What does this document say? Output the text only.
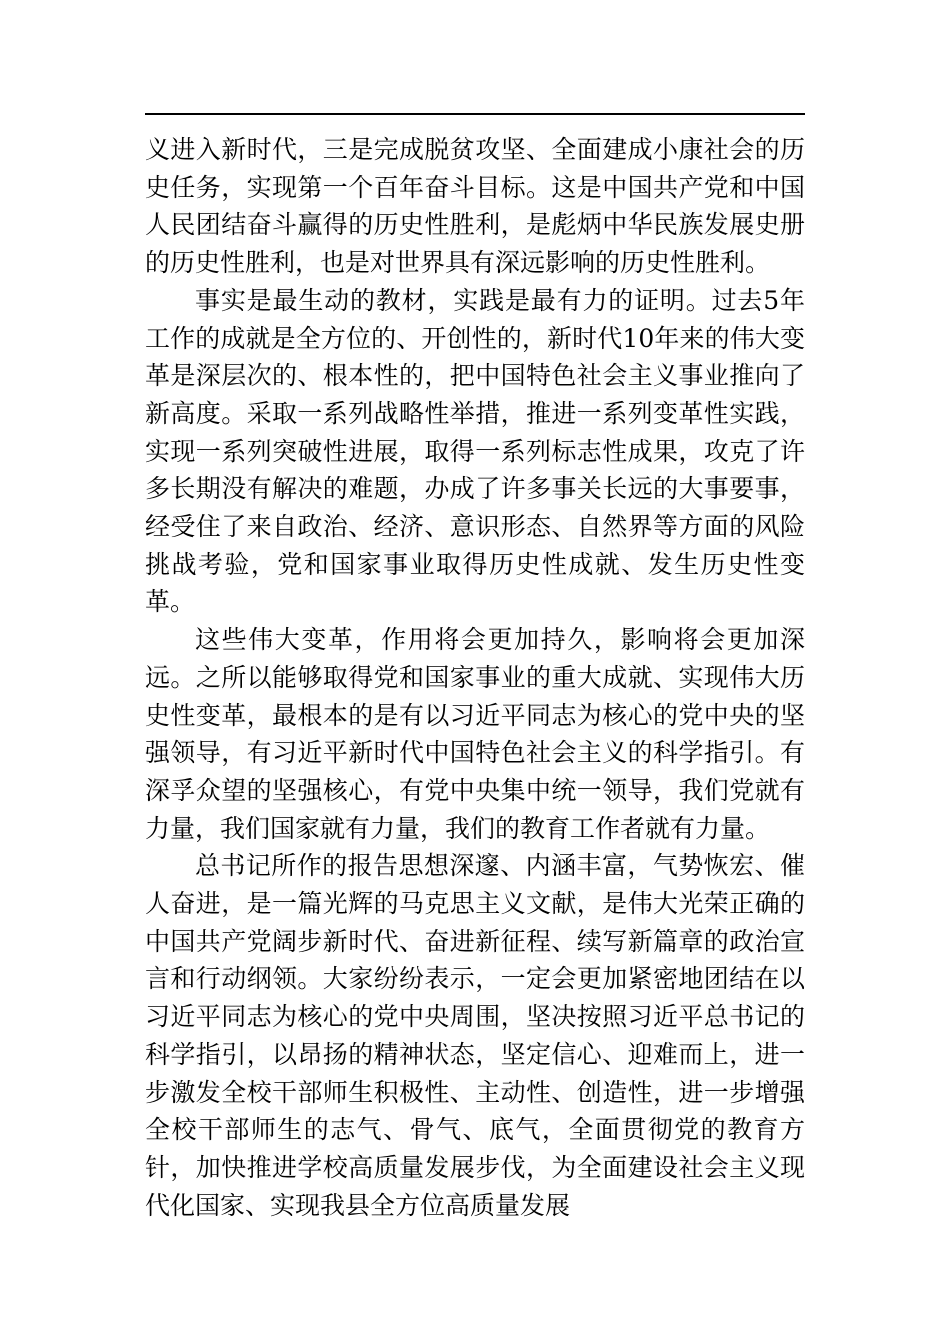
义进入新时代，三是完成脱贫攻坚、全面建成小康社会的历史任务，实现第一个百年奋斗目标。这是中国共产党和中国人民团结奋斗赢得的历史性胜利，是彪炳中华民族发展史册的历史性胜利，也是对世界具有深远影响的历史性胜利。

事实是最生动的教材，实践是最有力的证明。过去5年工作的成就是全方位的、开创性的，新时代10年来的伟大变革是深层次的、根本性的，把中国特色社会主义事业推向了新高度。采取一系列战略性举措，推进一系列变革性实践，实现一系列突破性进展，取得一系列标志性成果，攻克了许多长期没有解决的难题，办成了许多事关长远的大事要事，经受住了来自政治、经济、意识形态、自然界等方面的风险挑战考验，党和国家事业取得历史性成就、发生历史性变革。

这些伟大变革，作用将会更加持久，影响将会更加深远。之所以能够取得党和国家事业的重大成就、实现伟大历史性变革，最根本的是有以习近平同志为核心的党中央的坚强领导，有习近平新时代中国特色社会主义的科学指引。有深孚众望的坚强核心，有党中央集中统一领导，我们党就有力量，我们国家就有力量，我们的教育工作者就有力量。

总书记所作的报告思想深邃、内涵丰富，气势恢宏、催人奋进，是一篇光辉的马克思主义文献，是伟大光荣正确的中国共产党阔步新时代、奋进新征程、续写新篇章的政治宣言和行动纲领。大家纷纷表示，一定会更加紧密地团结在以习近平同志为核心的党中央周围，坚决按照习近平总书记的科学指引，以昂扬的精神状态，坚定信心、迎难而上，进一步激发全校干部师生积极性、主动性、创造性，进一步增强全校干部师生的志气、骨气、底气，全面贯彻党的教育方针，加快推进学校高质量发展步伐，为全面建设社会主义现代化国家、实现我县全方位高质量发展
